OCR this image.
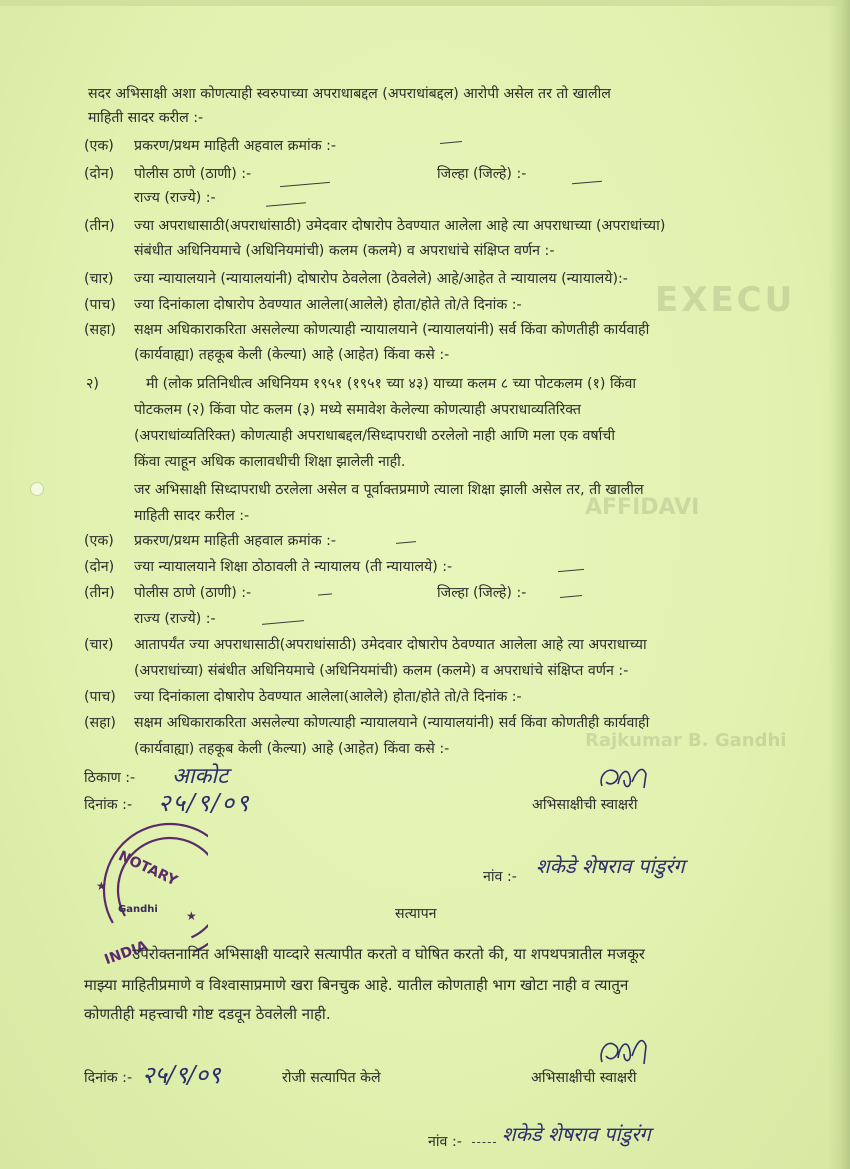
EXECU
AFFIDAVI
Rajkumar B. Gandhi
सदर अभिसाक्षी अशा कोणत्याही स्वरुपाच्या अपराधाबद्दल (अपराधांबद्दल) आरोपी असेल तर तो खालील
माहिती सादर करील :-
(एक) प्रकरण/प्रथम माहिती अहवाल क्रमांक :-
(दोन) पोलीस ठाणे (ठाणी) :-	जिल्हा (जिल्हे) :-
राज्य (राज्ये) :-
(तीन) ज्या अपराधासाठी(अपराधांसाठी) उमेदवार दोषारोप ठेवण्यात आलेला आहे त्या अपराधाच्या (अपराधांच्या)
संबंधीत अधिनियमाचे (अधिनियमांची) कलम (कलमे) व अपराधांचे संक्षिप्त वर्णन :-
(चार) ज्या न्यायालयाने (न्यायालयांनी) दोषारोप ठेवलेला (ठेवलेले) आहे/आहेत ते न्यायालय (न्यायालये):-
(पाच) ज्या दिनांकाला दोषारोप ठेवण्यात आलेला(आलेले) होता/होते तो/ते दिनांक :-
(सहा) सक्षम अधिकाराकरिता असलेल्या कोणत्याही न्यायालयाने (न्यायालयांनी) सर्व किंवा कोणतीही कार्यवाही
(कार्यवाह्या) तहकूब केली (केल्या) आहे (आहेत) किंवा कसे :-
२)	मी (लोक प्रतिनिधीत्व अधिनियम १९५१ (१९५१ च्या ४३) याच्या कलम ८ च्या पोटकलम (१) किंवा
पोटकलम (२) किंवा पोट कलम (३) मध्ये समावेश केलेल्या कोणत्याही अपराधाव्यतिरिक्त
(अपराधांव्यतिरिक्त) कोणत्याही अपराधाबद्दल/सिध्दापराधी ठरलेलो नाही आणि मला एक वर्षाची
किंवा त्याहून अधिक कालावधीची शिक्षा झालेली नाही.
जर अभिसाक्षी सिध्दापराधी ठरलेला असेल व पूर्वाक्तप्रमाणे त्याला शिक्षा झाली असेल तर, ती खालील
माहिती सादर करील :-
(एक) प्रकरण/प्रथम माहिती अहवाल क्रमांक :-
(दोन) ज्या न्यायालयाने शिक्षा ठोठावली ते न्यायालय (ती न्यायालये) :-
(तीन) पोलीस ठाणे (ठाणी) :-	जिल्हा (जिल्हे) :-
राज्य (राज्ये) :-
(चार) आतापर्यंत ज्या अपराधासाठी(अपराधांसाठी) उमेदवार दोषारोप ठेवण्यात आलेला आहे त्या अपराधाच्या
(अपराधांच्या) संबंधीत अधिनियमाचे (अधिनियमांची) कलम (कलमे) व अपराधांचे संक्षिप्त वर्णन :-
(पाच) ज्या दिनांकाला दोषारोप ठेवण्यात आलेला(आलेले) होता/होते तो/ते दिनांक :-
(सहा) सक्षम अधिकाराकरिता असलेल्या कोणत्याही न्यायालयाने (न्यायालयांनी) सर्व किंवा कोणतीही कार्यवाही
(कार्यवाह्या) तहकूब केली (केल्या) आहे (आहेत) किंवा कसे :-
ठिकाण :- आकोट
दिनांक :- २५/९/०९	अभिसाक्षीची स्वाक्षरी
NOTARY
Gandhi
INDIA
★
★
नांव :- शकेडे शेषराव पांडुरंग
सत्यापन
उपरोक्तनामित अभिसाक्षी याव्दारे सत्यापीत करतो व घोषित करतो की, या शपथपत्रातील मजकूर
माझ्या माहितीप्रमाणे व विश्वासाप्रमाणे खरा बिनचुक आहे. यातील कोणताही भाग खोटा नाही व त्यातुन
कोणतीही महत्त्वाची गोष्ट दडवून ठेवलेली नाही.
दिनांक :- २५/९/०९	रोजी सत्यापित केले	अभिसाक्षीची स्वाक्षरी
नांव :- शकेडे शेषराव पांडुरंग
